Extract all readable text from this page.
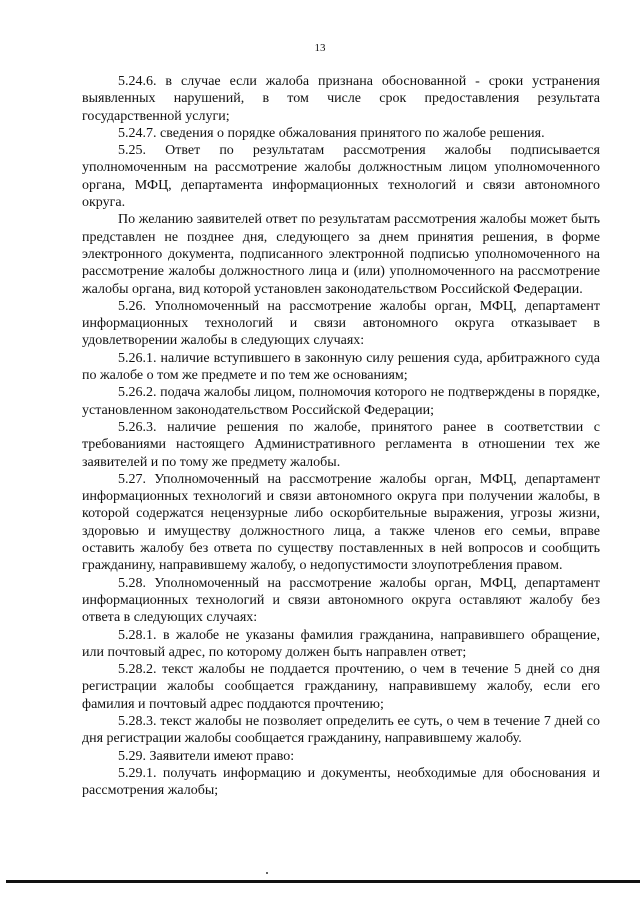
13

5.24.6. в случае если жалоба признана обоснованной - сроки устранения выявленных нарушений, в том числе срок предоставления результата государственной услуги;

5.24.7. сведения о порядке обжалования принятого по жалобе решения.

5.25. Ответ по результатам рассмотрения жалобы подписывается уполномоченным на рассмотрение жалобы должностным лицом уполномоченного органа, МФЦ, департамента информационных технологий и связи автономного округа.

По желанию заявителей ответ по результатам рассмотрения жалобы может быть представлен не позднее дня, следующего за днем принятия решения, в форме электронного документа, подписанного электронной подписью уполномоченного на рассмотрение жалобы должностного лица и (или) уполномоченного на рассмотрение жалобы органа, вид которой установлен законодательством Российской Федерации.

5.26. Уполномоченный на рассмотрение жалобы орган, МФЦ, департамент информационных технологий и связи автономного округа отказывает в удовлетворении жалобы в следующих случаях:

5.26.1. наличие вступившего в законную силу решения суда, арбитражного суда по жалобе о том же предмете и по тем же основаниям;

5.26.2. подача жалобы лицом, полномочия которого не подтверждены в порядке, установленном законодательством Российской Федерации;

5.26.3. наличие решения по жалобе, принятого ранее в соответствии с требованиями настоящего Административного регламента в отношении тех же заявителей и по тому же предмету жалобы.

5.27. Уполномоченный на рассмотрение жалобы орган, МФЦ, департамент информационных технологий и связи автономного округа при получении жалобы, в которой содержатся нецензурные либо оскорбительные выражения, угрозы жизни, здоровью и имуществу должностного лица, а также членов его семьи, вправе оставить жалобу без ответа по существу поставленных в ней вопросов и сообщить гражданину, направившему жалобу, о недопустимости злоупотребления правом.

5.28. Уполномоченный на рассмотрение жалобы орган, МФЦ, департамент информационных технологий и связи автономного округа оставляют жалобу без ответа в следующих случаях:

5.28.1. в жалобе не указаны фамилия гражданина, направившего обращение, или почтовый адрес, по которому должен быть направлен ответ;

5.28.2. текст жалобы не поддается прочтению, о чем в течение 5 дней со дня регистрации жалобы сообщается гражданину, направившему жалобу, если его фамилия и почтовый адрес поддаются прочтению;

5.28.3. текст жалобы не позволяет определить ее суть, о чем в течение 7 дней со дня регистрации жалобы сообщается гражданину, направившему жалобу.

5.29. Заявители имеют право:

5.29.1. получать информацию и документы, необходимые для обоснования и рассмотрения жалобы;
